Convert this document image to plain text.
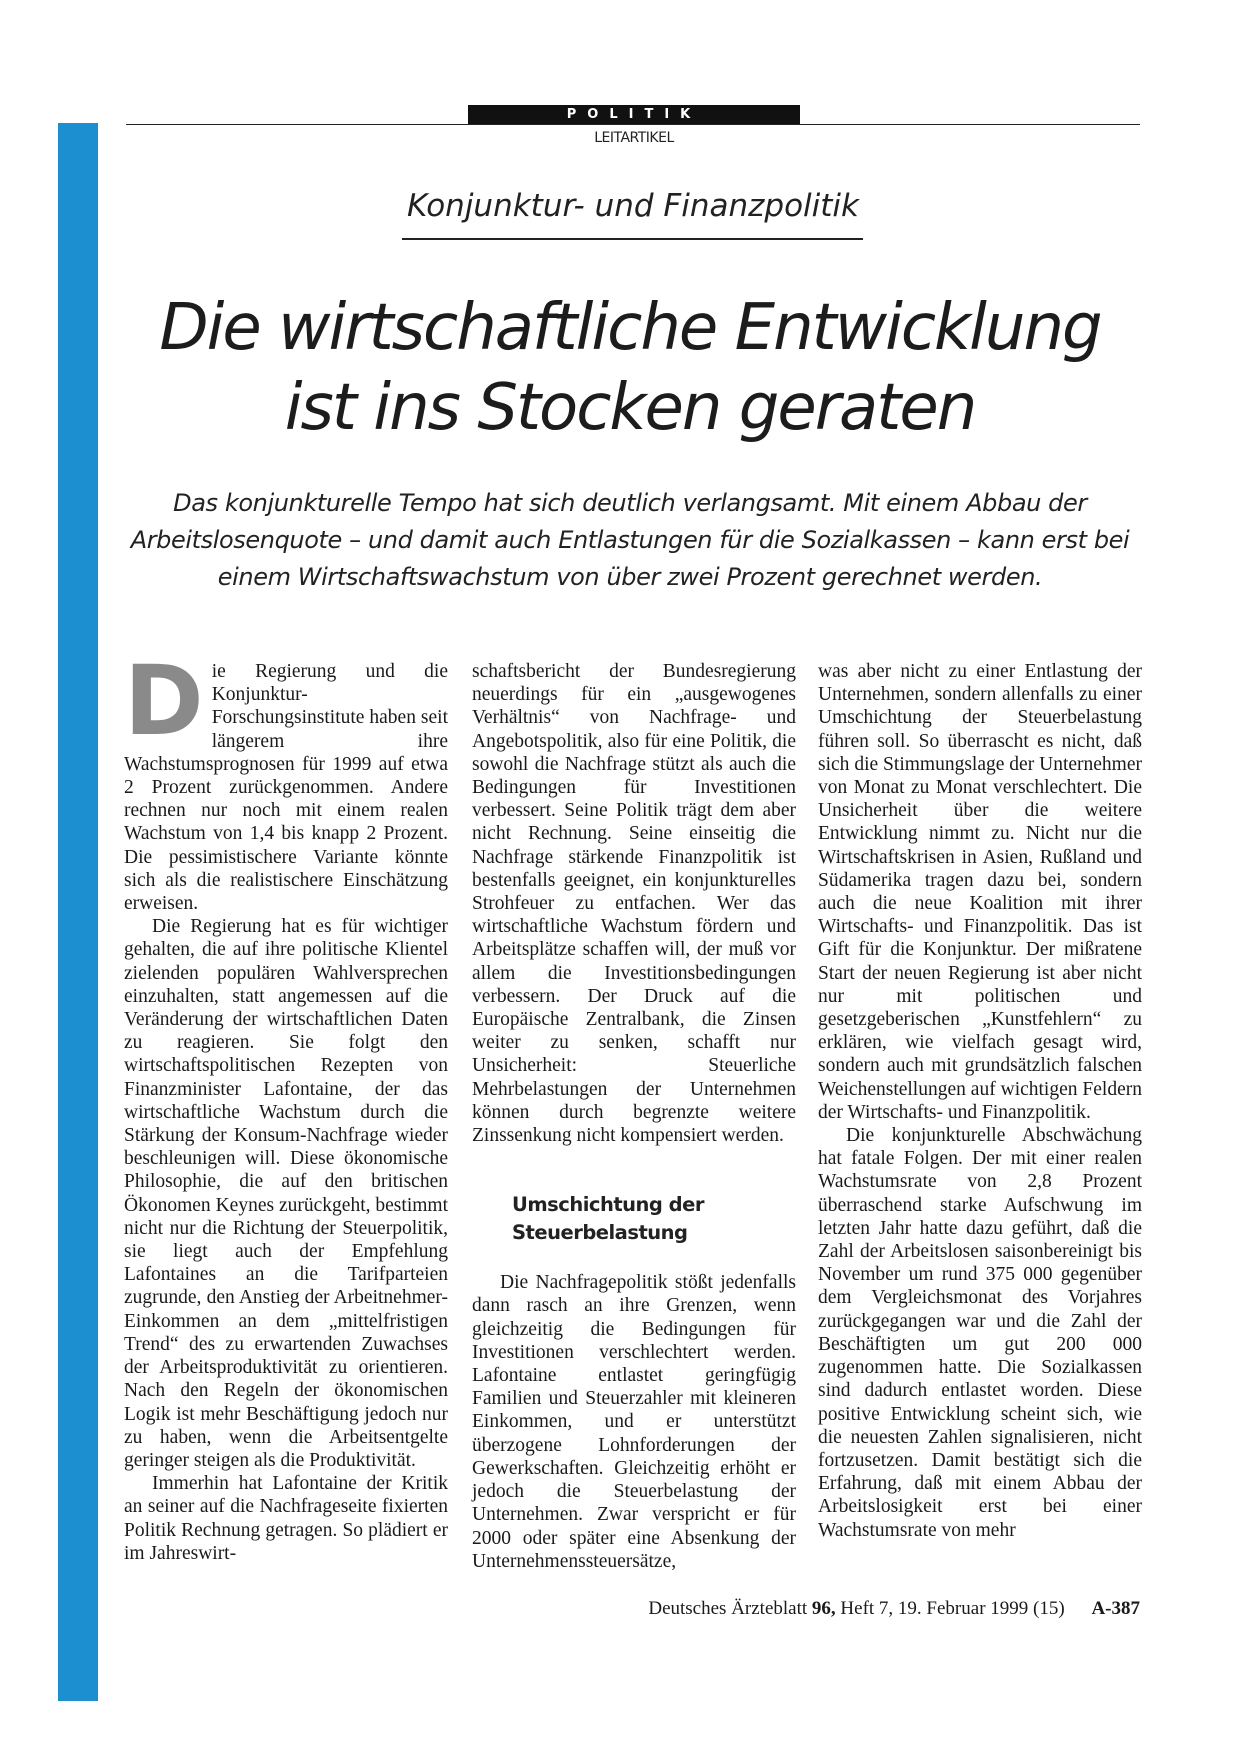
POLITIK
LEITARTIKEL
Konjunktur- und Finanzpolitik
Die wirtschaftliche Entwicklung
ist ins Stocken geraten

Das konjunkturelle Tempo hat sich deutlich verlangsamt. Mit einem Abbau der Arbeitslosenquote – und damit auch Entlastungen für die Sozialkassen – kann erst bei einem Wirtschaftswachstum von über zwei Prozent gerechnet werden.

Die Regierung und die Konjunktur-Forschungsinstitute haben seit längerem ihre Wachstumsprognosen für 1999 auf etwa 2 Prozent zurückgenommen. Andere rechnen nur noch mit einem realen Wachstum von 1,4 bis knapp 2 Prozent. Die pessimistischere Variante könnte sich als die realistischere Einschätzung erweisen.

Die Regierung hat es für wichtiger gehalten, die auf ihre politische Klientel zielenden populären Wahlversprechen einzuhalten, statt angemessen auf die Veränderung der wirtschaftlichen Daten zu reagieren. Sie folgt den wirtschaftspolitischen Rezepten von Finanzminister Lafontaine, der das wirtschaftliche Wachstum durch die Stärkung der Konsum-Nachfrage wieder beschleunigen will. Diese ökonomische Philosophie, die auf den britischen Ökonomen Keynes zurückgeht, bestimmt nicht nur die Richtung der Steuerpolitik, sie liegt auch der Empfehlung Lafontaines an die Tarifparteien zugrunde, den Anstieg der Arbeitnehmer-Einkommen an dem „mittelfristigen Trend“ des zu erwartenden Zuwachses der Arbeitsproduktivität zu orientieren. Nach den Regeln der ökonomischen Logik ist mehr Beschäftigung jedoch nur zu haben, wenn die Arbeitsentgelte geringer steigen als die Produktivität.

Immerhin hat Lafontaine der Kritik an seiner auf die Nachfrageseite fixierten Politik Rechnung getragen. So plädiert er im Jahreswirt-

schaftsbericht der Bundesregierung neuerdings für ein „ausgewogenes Verhältnis“ von Nachfrage- und Angebotspolitik, also für eine Politik, die sowohl die Nachfrage stützt als auch die Bedingungen für Investitionen verbessert. Seine Politik trägt dem aber nicht Rechnung. Seine einseitig die Nachfrage stärkende Finanzpolitik ist bestenfalls geeignet, ein konjunkturelles Strohfeuer zu entfachen. Wer das wirtschaftliche Wachstum fördern und Arbeitsplätze schaffen will, der muß vor allem die Investitionsbedingungen verbessern. Der Druck auf die Europäische Zentralbank, die Zinsen weiter zu senken, schafft nur Unsicherheit: Steuerliche Mehrbelastungen der Unternehmen können durch begrenzte weitere Zinssenkung nicht kompensiert werden.

Umschichtung der
Steuerbelastung

Die Nachfragepolitik stößt jedenfalls dann rasch an ihre Grenzen, wenn gleichzeitig die Bedingungen für Investitionen verschlechtert werden. Lafontaine entlastet geringfügig Familien und Steuerzahler mit kleineren Einkommen, und er unterstützt überzogene Lohnforderungen der Gewerkschaften. Gleichzeitig erhöht er jedoch die Steuerbelastung der Unternehmen. Zwar verspricht er für 2000 oder später eine Absenkung der Unternehmenssteuersätze,

was aber nicht zu einer Entlastung der Unternehmen, sondern allenfalls zu einer Umschichtung der Steuerbelastung führen soll. So überrascht es nicht, daß sich die Stimmungslage der Unternehmer von Monat zu Monat verschlechtert. Die Unsicherheit über die weitere Entwicklung nimmt zu. Nicht nur die Wirtschaftskrisen in Asien, Rußland und Südamerika tragen dazu bei, sondern auch die neue Koalition mit ihrer Wirtschafts- und Finanzpolitik. Das ist Gift für die Konjunktur. Der mißratene Start der neuen Regierung ist aber nicht nur mit politischen und gesetzgeberischen „Kunstfehlern“ zu erklären, wie vielfach gesagt wird, sondern auch mit grundsätzlich falschen Weichenstellungen auf wichtigen Feldern der Wirtschafts- und Finanzpolitik.

Die konjunkturelle Abschwächung hat fatale Folgen. Der mit einer realen Wachstumsrate von 2,8 Prozent überraschend starke Aufschwung im letzten Jahr hatte dazu geführt, daß die Zahl der Arbeitslosen saisonbereinigt bis November um rund 375 000 gegenüber dem Vergleichsmonat des Vorjahres zurückgegangen war und die Zahl der Beschäftigten um gut 200 000 zugenommen hatte. Die Sozialkassen sind dadurch entlastet worden. Diese positive Entwicklung scheint sich, wie die neuesten Zahlen signalisieren, nicht fortzusetzen. Damit bestätigt sich die Erfahrung, daß mit einem Abbau der Arbeitslosigkeit erst bei einer Wachstumsrate von mehr

Deutsches Ärzteblatt 96, Heft 7, 19. Februar 1999 (15) A-387
